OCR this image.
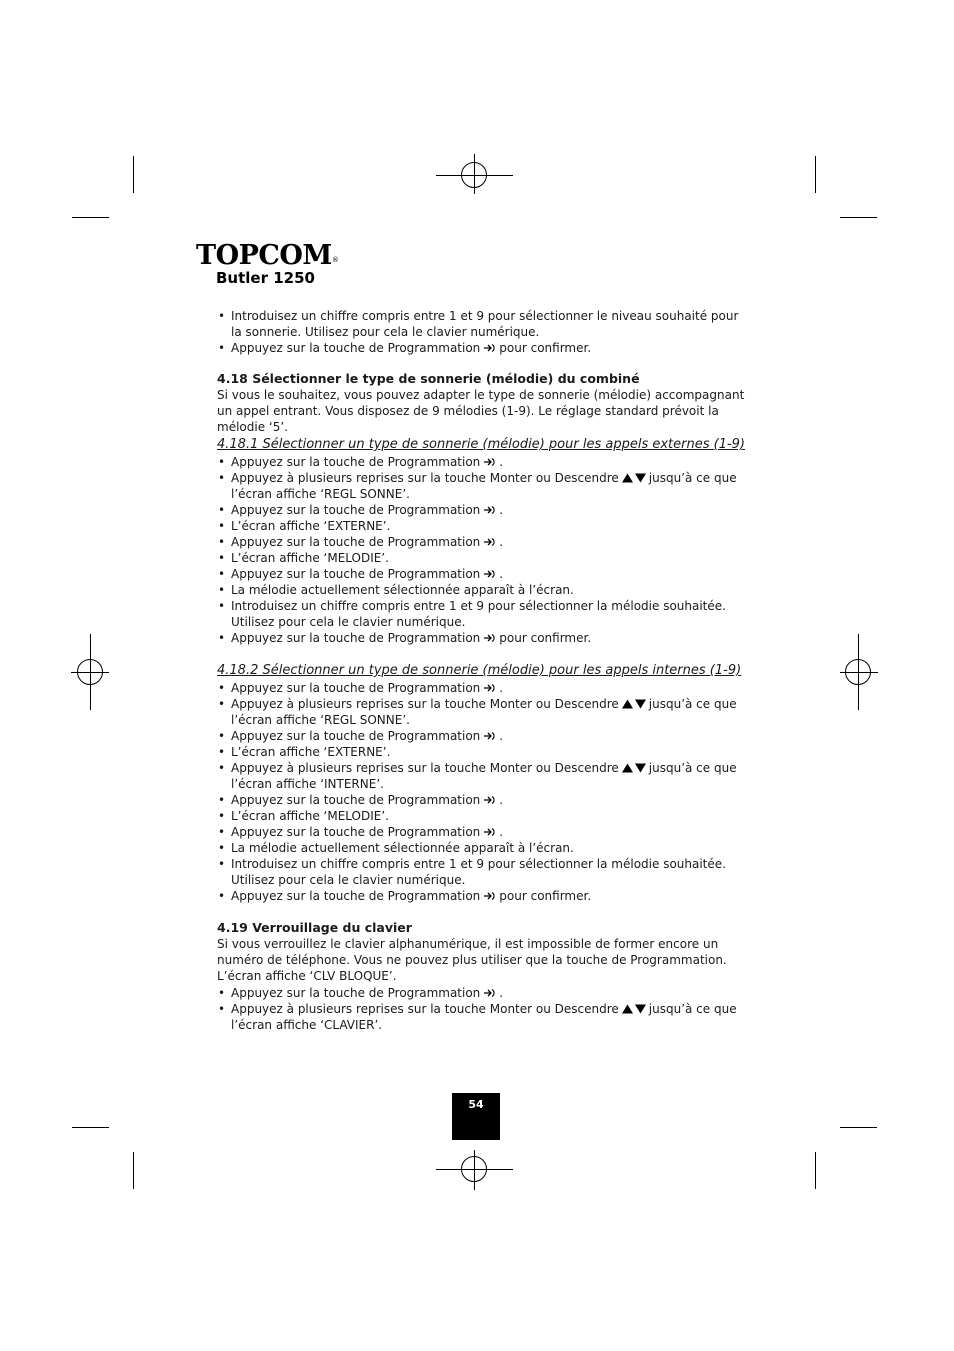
TOPCOM®
Butler 1250
• Introduisez un chiffre compris entre 1 et 9 pour sélectionner le niveau souhaité pour la sonnerie. Utilisez pour cela le clavier numérique.
• Appuyez sur la touche de Programmation pour confirmer.
4.18 Sélectionner le type de sonnerie (mélodie) du combiné
Si vous le souhaitez, vous pouvez adapter le type de sonnerie (mélodie) accompagnant un appel entrant. Vous disposez de 9 mélodies (1-9). Le réglage standard prévoit la mélodie ‘5’.
4.18.1 Sélectionner un type de sonnerie (mélodie) pour les appels externes (1-9)
• Appuyez sur la touche de Programmation .
• Appuyez à plusieurs reprises sur la touche Monter ou Descendre	jusqu’à ce que l’écran affiche ‘REGL SONNE’.
• Appuyez sur la touche de Programmation .
• L’écran affiche ‘EXTERNE’.
• Appuyez sur la touche de Programmation .
• L’écran affiche ‘MELODIE’.
• Appuyez sur la touche de Programmation .
• La mélodie actuellement sélectionnée apparaît à l’écran.
• Introduisez un chiffre compris entre 1 et 9 pour sélectionner la mélodie souhaitée. Utilisez pour cela le clavier numérique.
• Appuyez sur la touche de Programmation pour confirmer.
4.18.2 Sélectionner un type de sonnerie (mélodie) pour les appels internes (1-9)
• Appuyez sur la touche de Programmation .
• Appuyez à plusieurs reprises sur la touche Monter ou Descendre	jusqu’à ce que l’écran affiche ‘REGL SONNE’.
• Appuyez sur la touche de Programmation .
• L’écran affiche ‘EXTERNE’.
• Appuyez à plusieurs reprises sur la touche Monter ou Descendre	jusqu’à ce que l’écran affiche ‘INTERNE’.
• Appuyez sur la touche de Programmation .
• L’écran affiche ‘MELODIE’.
• Appuyez sur la touche de Programmation .
• La mélodie actuellement sélectionnée apparaît à l’écran.
• Introduisez un chiffre compris entre 1 et 9 pour sélectionner la mélodie souhaitée. Utilisez pour cela le clavier numérique.
• Appuyez sur la touche de Programmation pour confirmer.
4.19 Verrouillage du clavier
Si vous verrouillez le clavier alphanumérique, il est impossible de former encore un numéro de téléphone. Vous ne pouvez plus utiliser que la touche de Programmation. L’écran affiche ‘CLV BLOQUE’.
• Appuyez sur la touche de Programmation .
• Appuyez à plusieurs reprises sur la touche Monter ou Descendre	jusqu’à ce que l’écran affiche ‘CLAVIER’.
54
